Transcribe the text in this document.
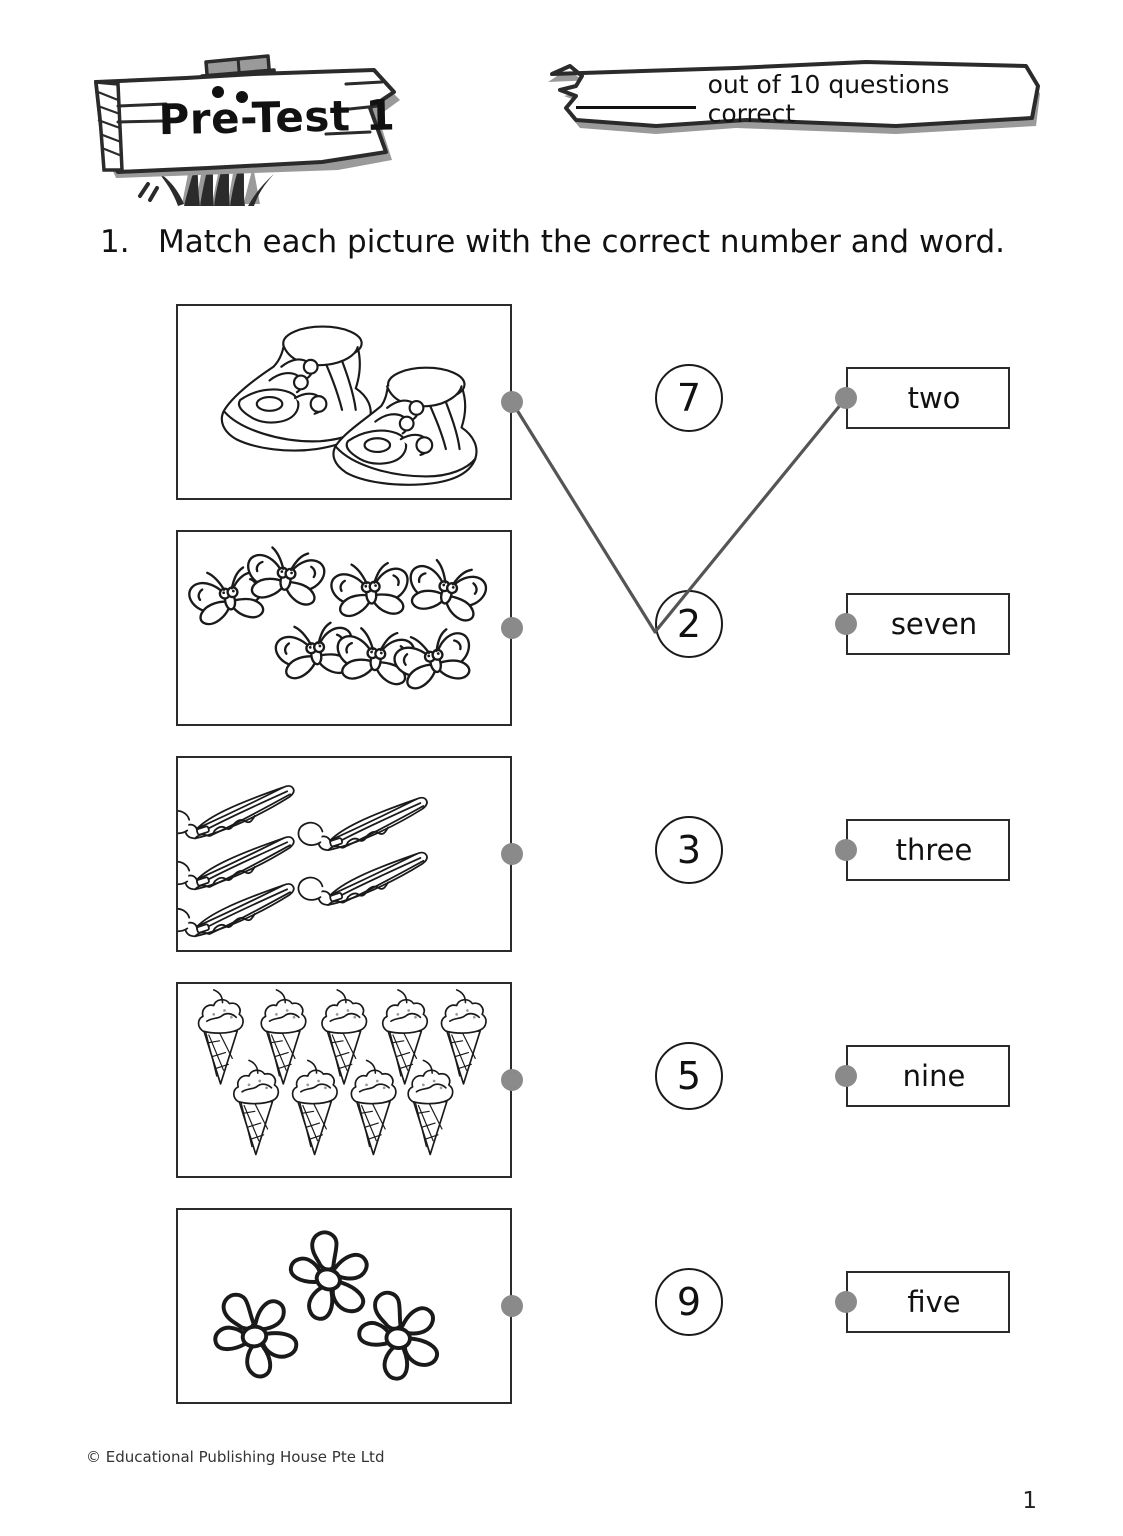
Pre-Test 1
out of 10 questions correct
1. Match each picture with the correct number and word.
7
2
3
5
9
two
seven
three
nine
five
© Educational Publishing House Pte Ltd
1
